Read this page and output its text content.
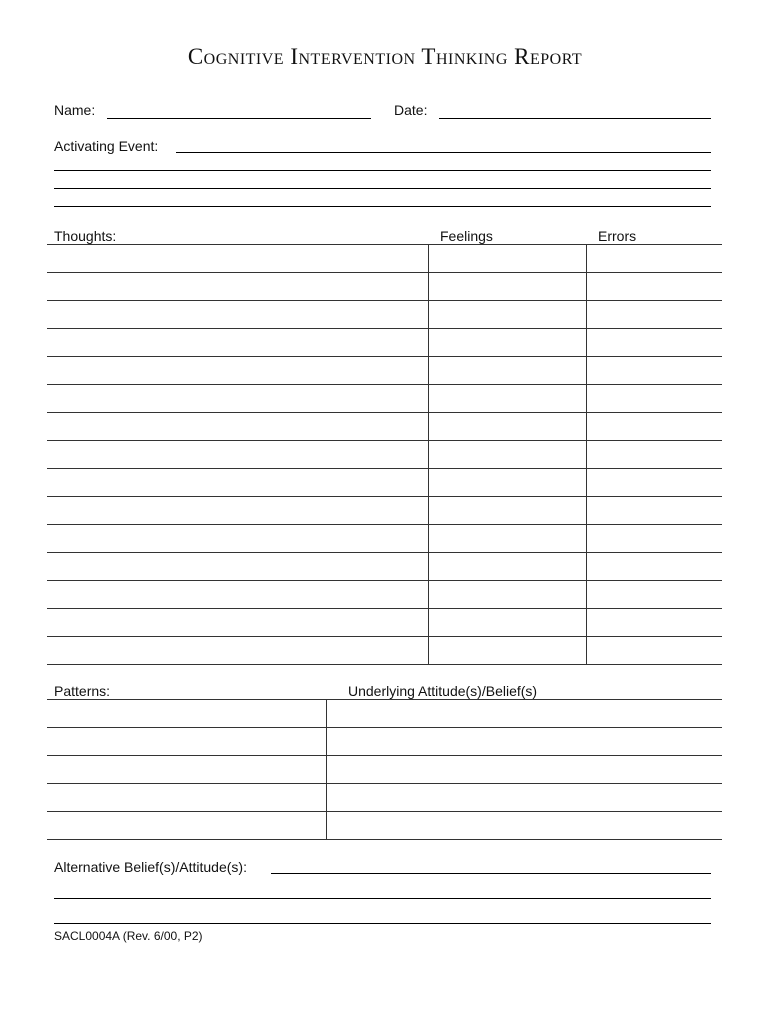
Cognitive Intervention Thinking Report
Name:	Date:
Activating Event:
Thoughts:	Feelings	Errors
Patterns:	Underlying Attitude(s)/Belief(s)
Alternative Belief(s)/Attitude(s):
SACL0004A (Rev. 6/00, P2)
